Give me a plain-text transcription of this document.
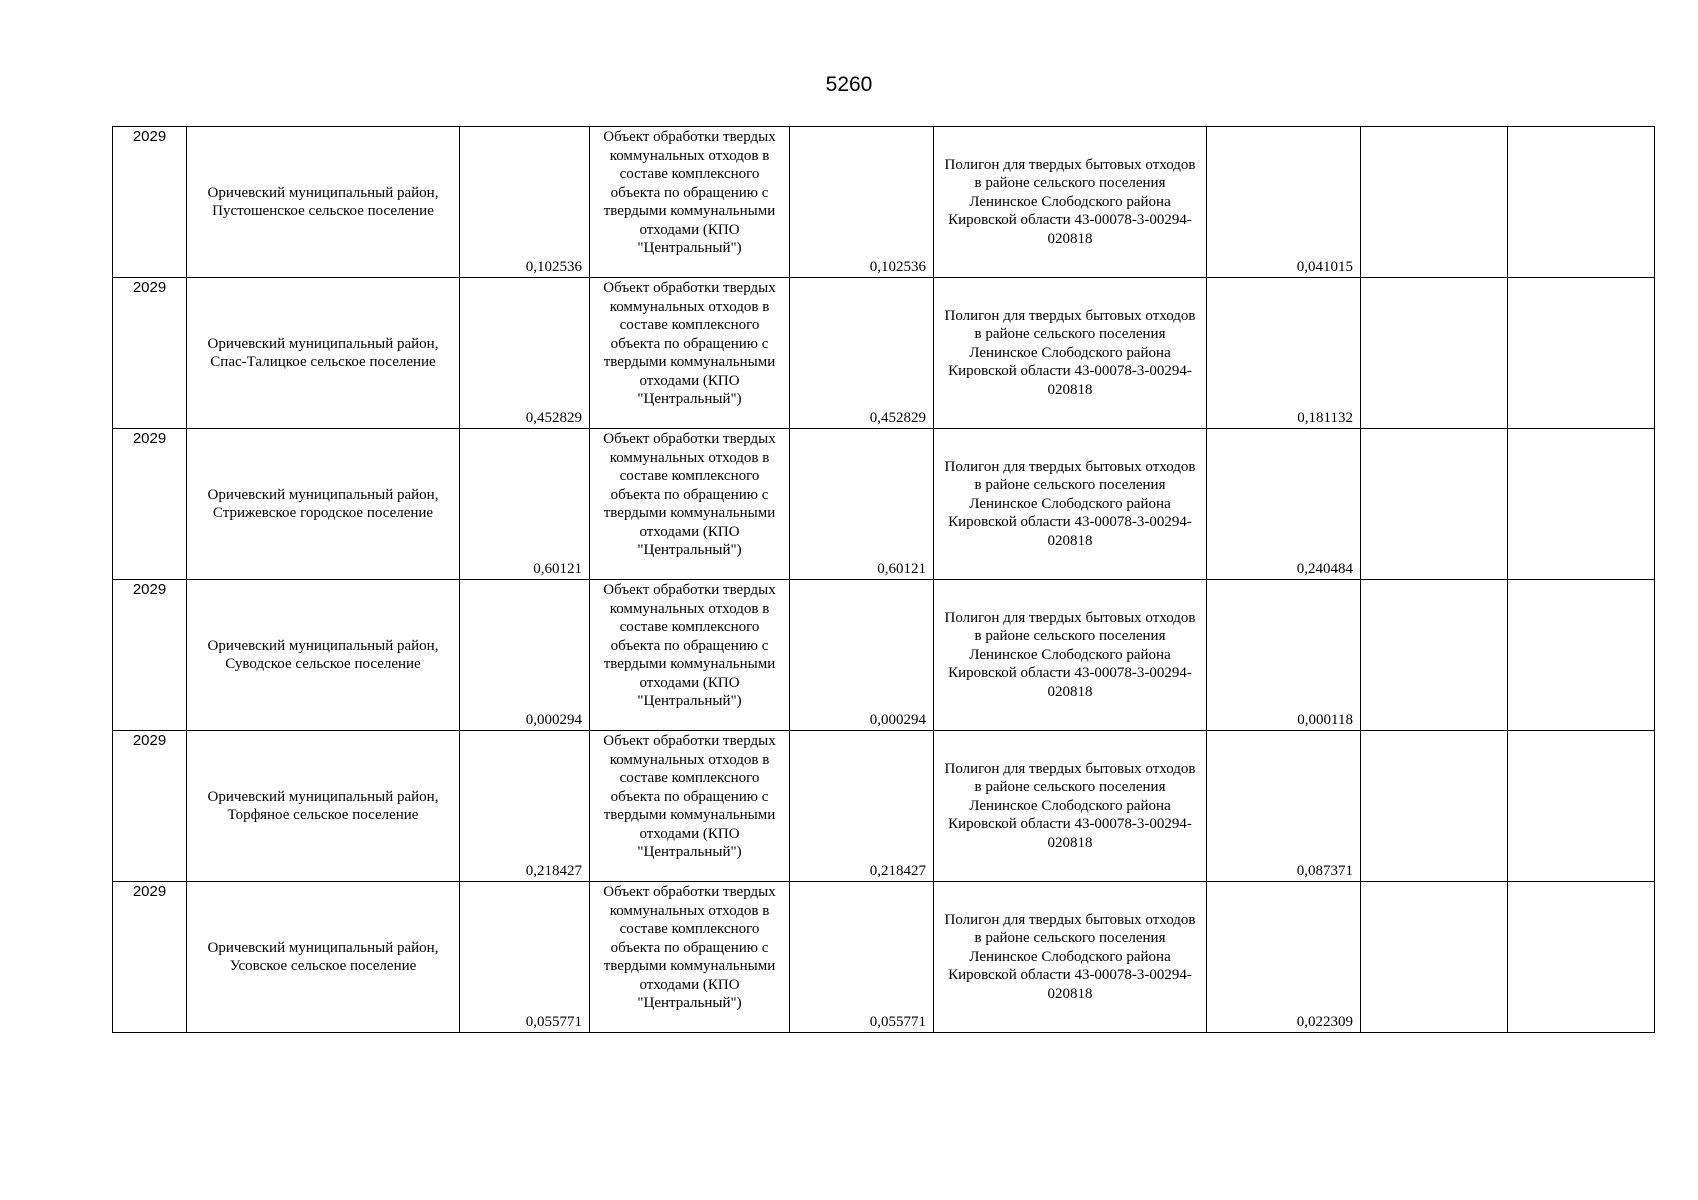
5260
2029	Оричевский муниципальный район, Пустошенское сельское поселение	0,102536	Объект обработки твердых коммунальных отходов в составе комплексного объекта по обращению с твердыми коммунальными отходами (КПО "Центральный")	0,102536	Полигон для твердых бытовых отходов в районе сельского поселения Ленинское Слободского района Кировской области 43-00078-3-00294-020818	0,041015		
2029	Оричевский муниципальный район, Спас-Талицкое сельское поселение	0,452829	Объект обработки твердых коммунальных отходов в составе комплексного объекта по обращению с твердыми коммунальными отходами (КПО "Центральный")	0,452829	Полигон для твердых бытовых отходов в районе сельского поселения Ленинское Слободского района Кировской области 43-00078-3-00294-020818	0,181132		
2029	Оричевский муниципальный район, Стрижевское городское поселение	0,60121	Объект обработки твердых коммунальных отходов в составе комплексного объекта по обращению с твердыми коммунальными отходами (КПО "Центральный")	0,60121	Полигон для твердых бытовых отходов в районе сельского поселения Ленинское Слободского района Кировской области 43-00078-3-00294-020818	0,240484		
2029	Оричевский муниципальный район, Суводское сельское поселение	0,000294	Объект обработки твердых коммунальных отходов в составе комплексного объекта по обращению с твердыми коммунальными отходами (КПО "Центральный")	0,000294	Полигон для твердых бытовых отходов в районе сельского поселения Ленинское Слободского района Кировской области 43-00078-3-00294-020818	0,000118		
2029	Оричевский муниципальный район, Торфяное сельское поселение	0,218427	Объект обработки твердых коммунальных отходов в составе комплексного объекта по обращению с твердыми коммунальными отходами (КПО "Центральный")	0,218427	Полигон для твердых бытовых отходов в районе сельского поселения Ленинское Слободского района Кировской области 43-00078-3-00294-020818	0,087371		
2029	Оричевский муниципальный район, Усовское сельское поселение	0,055771	Объект обработки твердых коммунальных отходов в составе комплексного объекта по обращению с твердыми коммунальными отходами (КПО "Центральный")	0,055771	Полигон для твердых бытовых отходов в районе сельского поселения Ленинское Слободского района Кировской области 43-00078-3-00294-020818	0,022309		
